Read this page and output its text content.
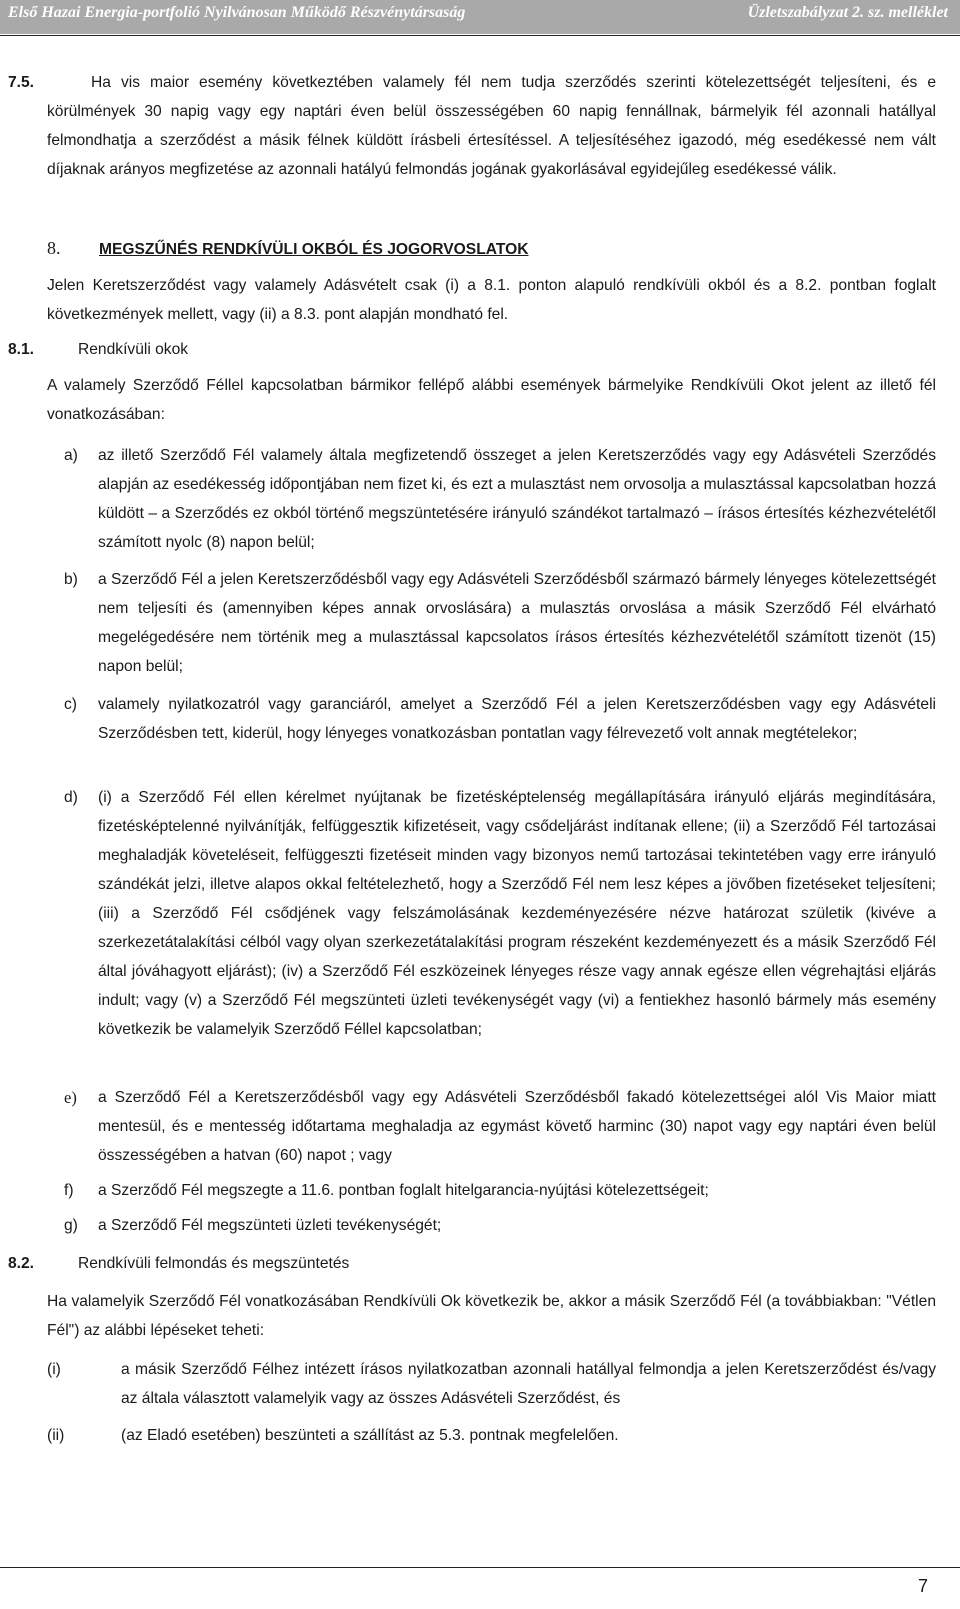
Első Hazai Energia-portfolió Nyilvánosan Működő Részvénytársaság	Üzletszabályzat 2. sz. melléklet
7.5.	Ha vis maior esemény következtében valamely fél nem tudja szerződés szerinti kötelezettségét teljesíteni, és e

körülmények 30 napig vagy egy naptári éven belül összességében 60 napig fennállnak, bármelyik fél azonnali hatállyal felmondhatja a szerződést a másik félnek küldött írásbeli értesítéssel. A teljesítéséhez igazodó, még esedékessé nem vált díjaknak arányos megfizetése az azonnali hatályú felmondás jogának gyakorlásával egyidejűleg esedékessé válik.

8. MEGSZŰNÉS RENDKÍVÜLI OKBÓL ÉS JOGORVOSLATOK

Jelen Keretszerződést vagy valamely Adásvételt csak (i) a 8.1. ponton alapuló rendkívüli okból és a 8.2. pontban foglalt következmények mellett, vagy (ii) a 8.3. pont alapján mondható fel.

8.1.	Rendkívüli okok

A valamely Szerződő Féllel kapcsolatban bármikor fellépő alábbi események bármelyike Rendkívüli Okot jelent az illető fél vonatkozásában:

a) az illető Szerződő Fél valamely általa megfizetendő összeget a jelen Keretszerződés vagy egy Adásvételi Szerződés alapján az esedékesség időpontjában nem fizet ki, és ezt a mulasztást nem orvosolja a mulasztással kapcsolatban hozzá küldött – a Szerződés ez okból történő megszüntetésére irányuló szándékot tartalmazó – írásos értesítés kézhezvételétől számított nyolc (8) napon belül;

b) a Szerződő Fél a jelen Keretszerződésből vagy egy Adásvételi Szerződésből származó bármely lényeges kötelezettségét nem teljesíti és (amennyiben képes annak orvoslására) a mulasztás orvoslása a másik Szerződő Fél elvárható megelégedésére nem történik meg a mulasztással kapcsolatos írásos értesítés kézhezvételétől számított tizenöt (15) napon belül;

c) valamely nyilatkozatról vagy garanciáról, amelyet a Szerződő Fél a jelen Keretszerződésben vagy egy Adásvételi Szerződésben tett, kiderül, hogy lényeges vonatkozásban pontatlan vagy félrevezető volt annak megtételekor;

d) (i) a Szerződő Fél ellen kérelmet nyújtanak be fizetésképtelenség megállapítására irányuló eljárás megindítására, fizetésképtelenné nyilvánítják, felfüggesztik kifizetéseit, vagy csődeljárást indítanak ellene; (ii) a Szerződő Fél tartozásai meghaladják követeléseit, felfüggeszti fizetéseit minden vagy bizonyos nemű tartozásai tekintetében vagy erre irányuló szándékát jelzi, illetve alapos okkal feltételezhető, hogy a Szerződő Fél nem lesz képes a jövőben fizetéseket teljesíteni; (iii) a Szerződő Fél csődjének vagy felszámolásának kezdeményezésére nézve határozat születik (kivéve a szerkezetátalakítási célból vagy olyan szerkezetátalakítási program részeként kezdeményezett és a másik Szerződő Fél által jóváhagyott eljárást); (iv) a Szerződő Fél eszközeinek lényeges része vagy annak egésze ellen végrehajtási eljárás indult; vagy (v) a Szerződő Fél megszünteti üzleti tevékenységét vagy (vi) a fentiekhez hasonló bármely más esemény következik be valamelyik Szerződő Féllel kapcsolatban;

e) a Szerződő Fél a Keretszerződésből vagy egy Adásvételi Szerződésből fakadó kötelezettségei alól Vis Maior miatt mentesül, és e mentesség időtartama meghaladja az egymást követő harminc (30) napot vagy egy naptári éven belül összességében a hatvan (60) napot ; vagy

f) a Szerződő Fél megszegte a 11.6. pontban foglalt hitelgarancia-nyújtási kötelezettségeit;

g) a Szerződő Fél megszünteti üzleti tevékenységét;

8.2.	Rendkívüli felmondás és megszüntetés

Ha valamelyik Szerződő Fél vonatkozásában Rendkívüli Ok következik be, akkor a másik Szerződő Fél (a továbbiakban: "Vétlen Fél") az alábbi lépéseket teheti:

(i)	a másik Szerződő Félhez intézett írásos nyilatkozatban azonnali hatállyal felmondja a jelen Keretszerződést és/vagy az általa választott valamelyik vagy az összes Adásvételi Szerződést, és

(ii)	(az Eladó esetében) beszünteti a szállítást az 5.3. pontnak megfelelően.

7
